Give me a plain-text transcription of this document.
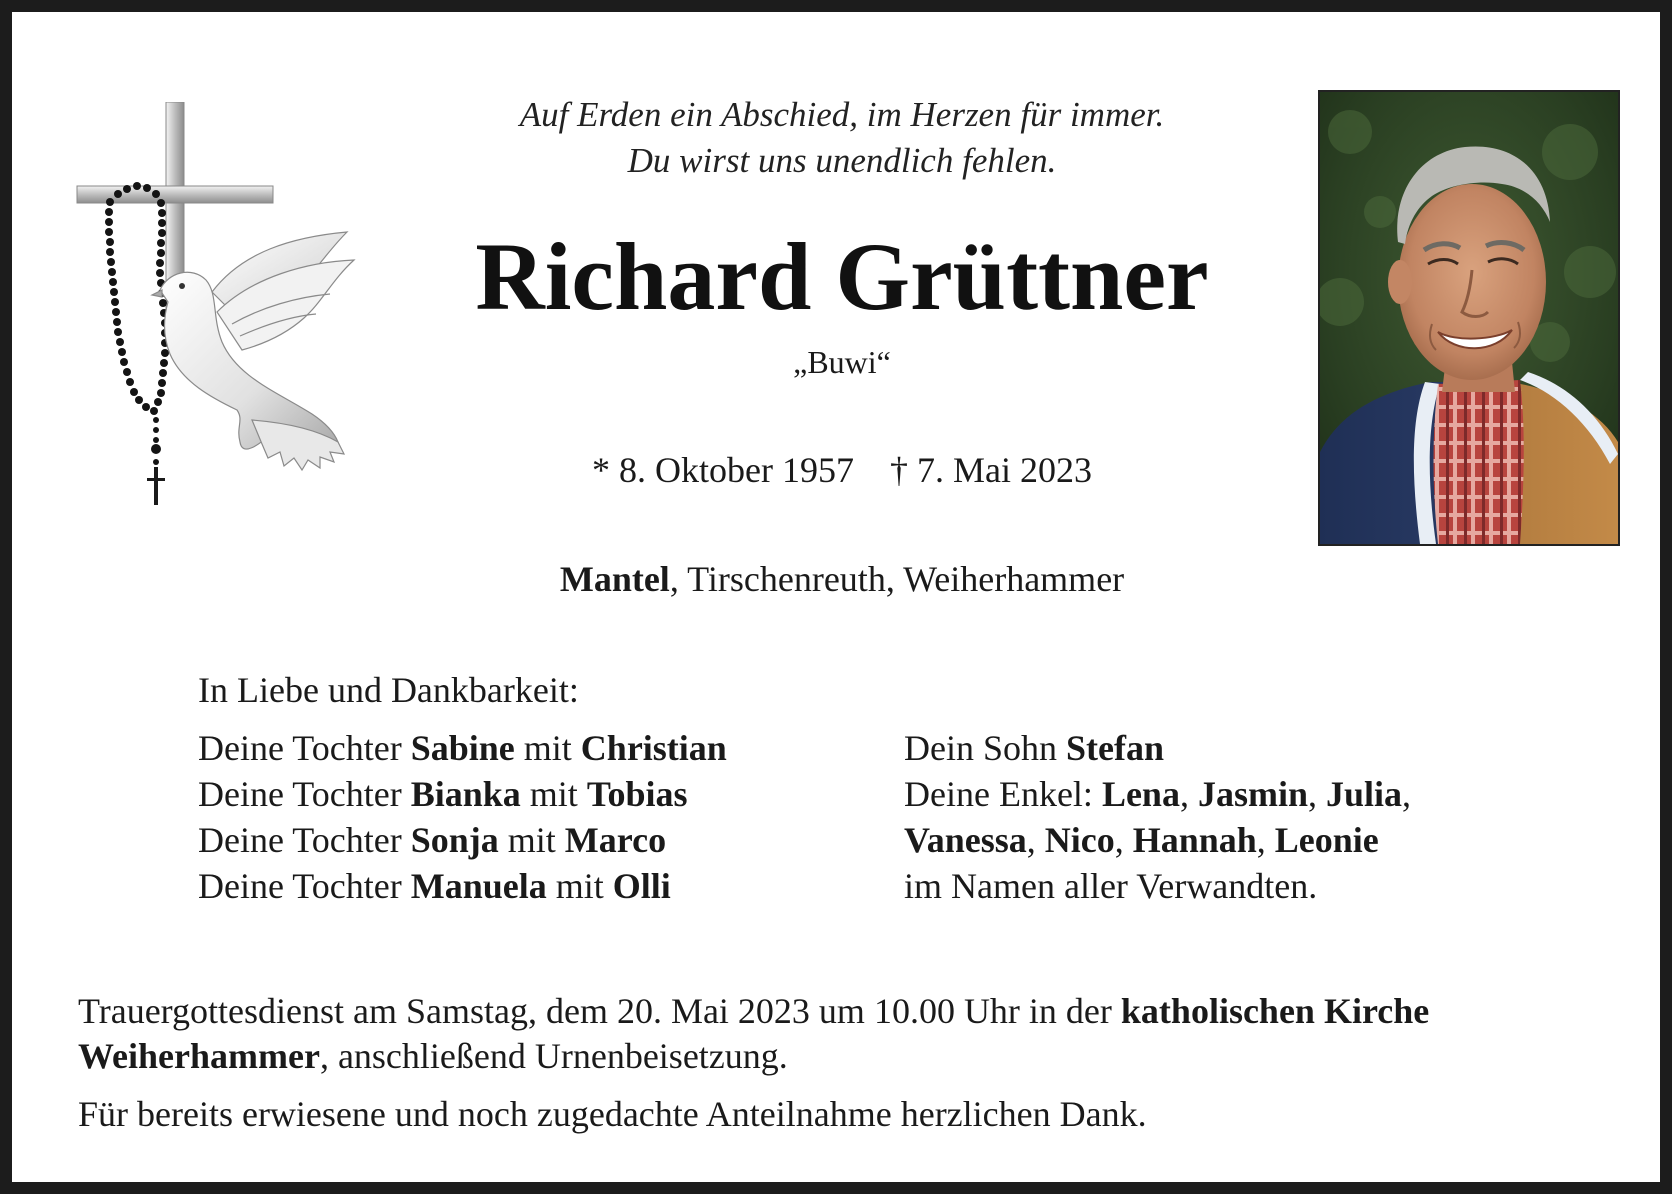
Auf Erden ein Abschied, im Herzen für immer.
Du wirst uns unendlich fehlen.
Richard Grüttner
„Buwi“
* 8. Oktober 1957    † 7. Mai 2023
Mantel, Tirschenreuth, Weiherhammer
In Liebe und Dankbarkeit:
Deine Tochter Sabine mit Christian
Deine Tochter Bianka mit Tobias
Deine Tochter Sonja mit Marco
Deine Tochter Manuela mit Olli
Dein Sohn Stefan
Deine Enkel: Lena, Jasmin, Julia,
Vanessa, Nico, Hannah, Leonie
im Namen aller Verwandten.
Trauergottesdienst am Samstag, dem 20. Mai 2023 um 10.00 Uhr in der katholischen Kirche Weiherhammer, anschließend Urnenbeisetzung.
Für bereits erwiesene und noch zugedachte Anteilnahme herzlichen Dank.
